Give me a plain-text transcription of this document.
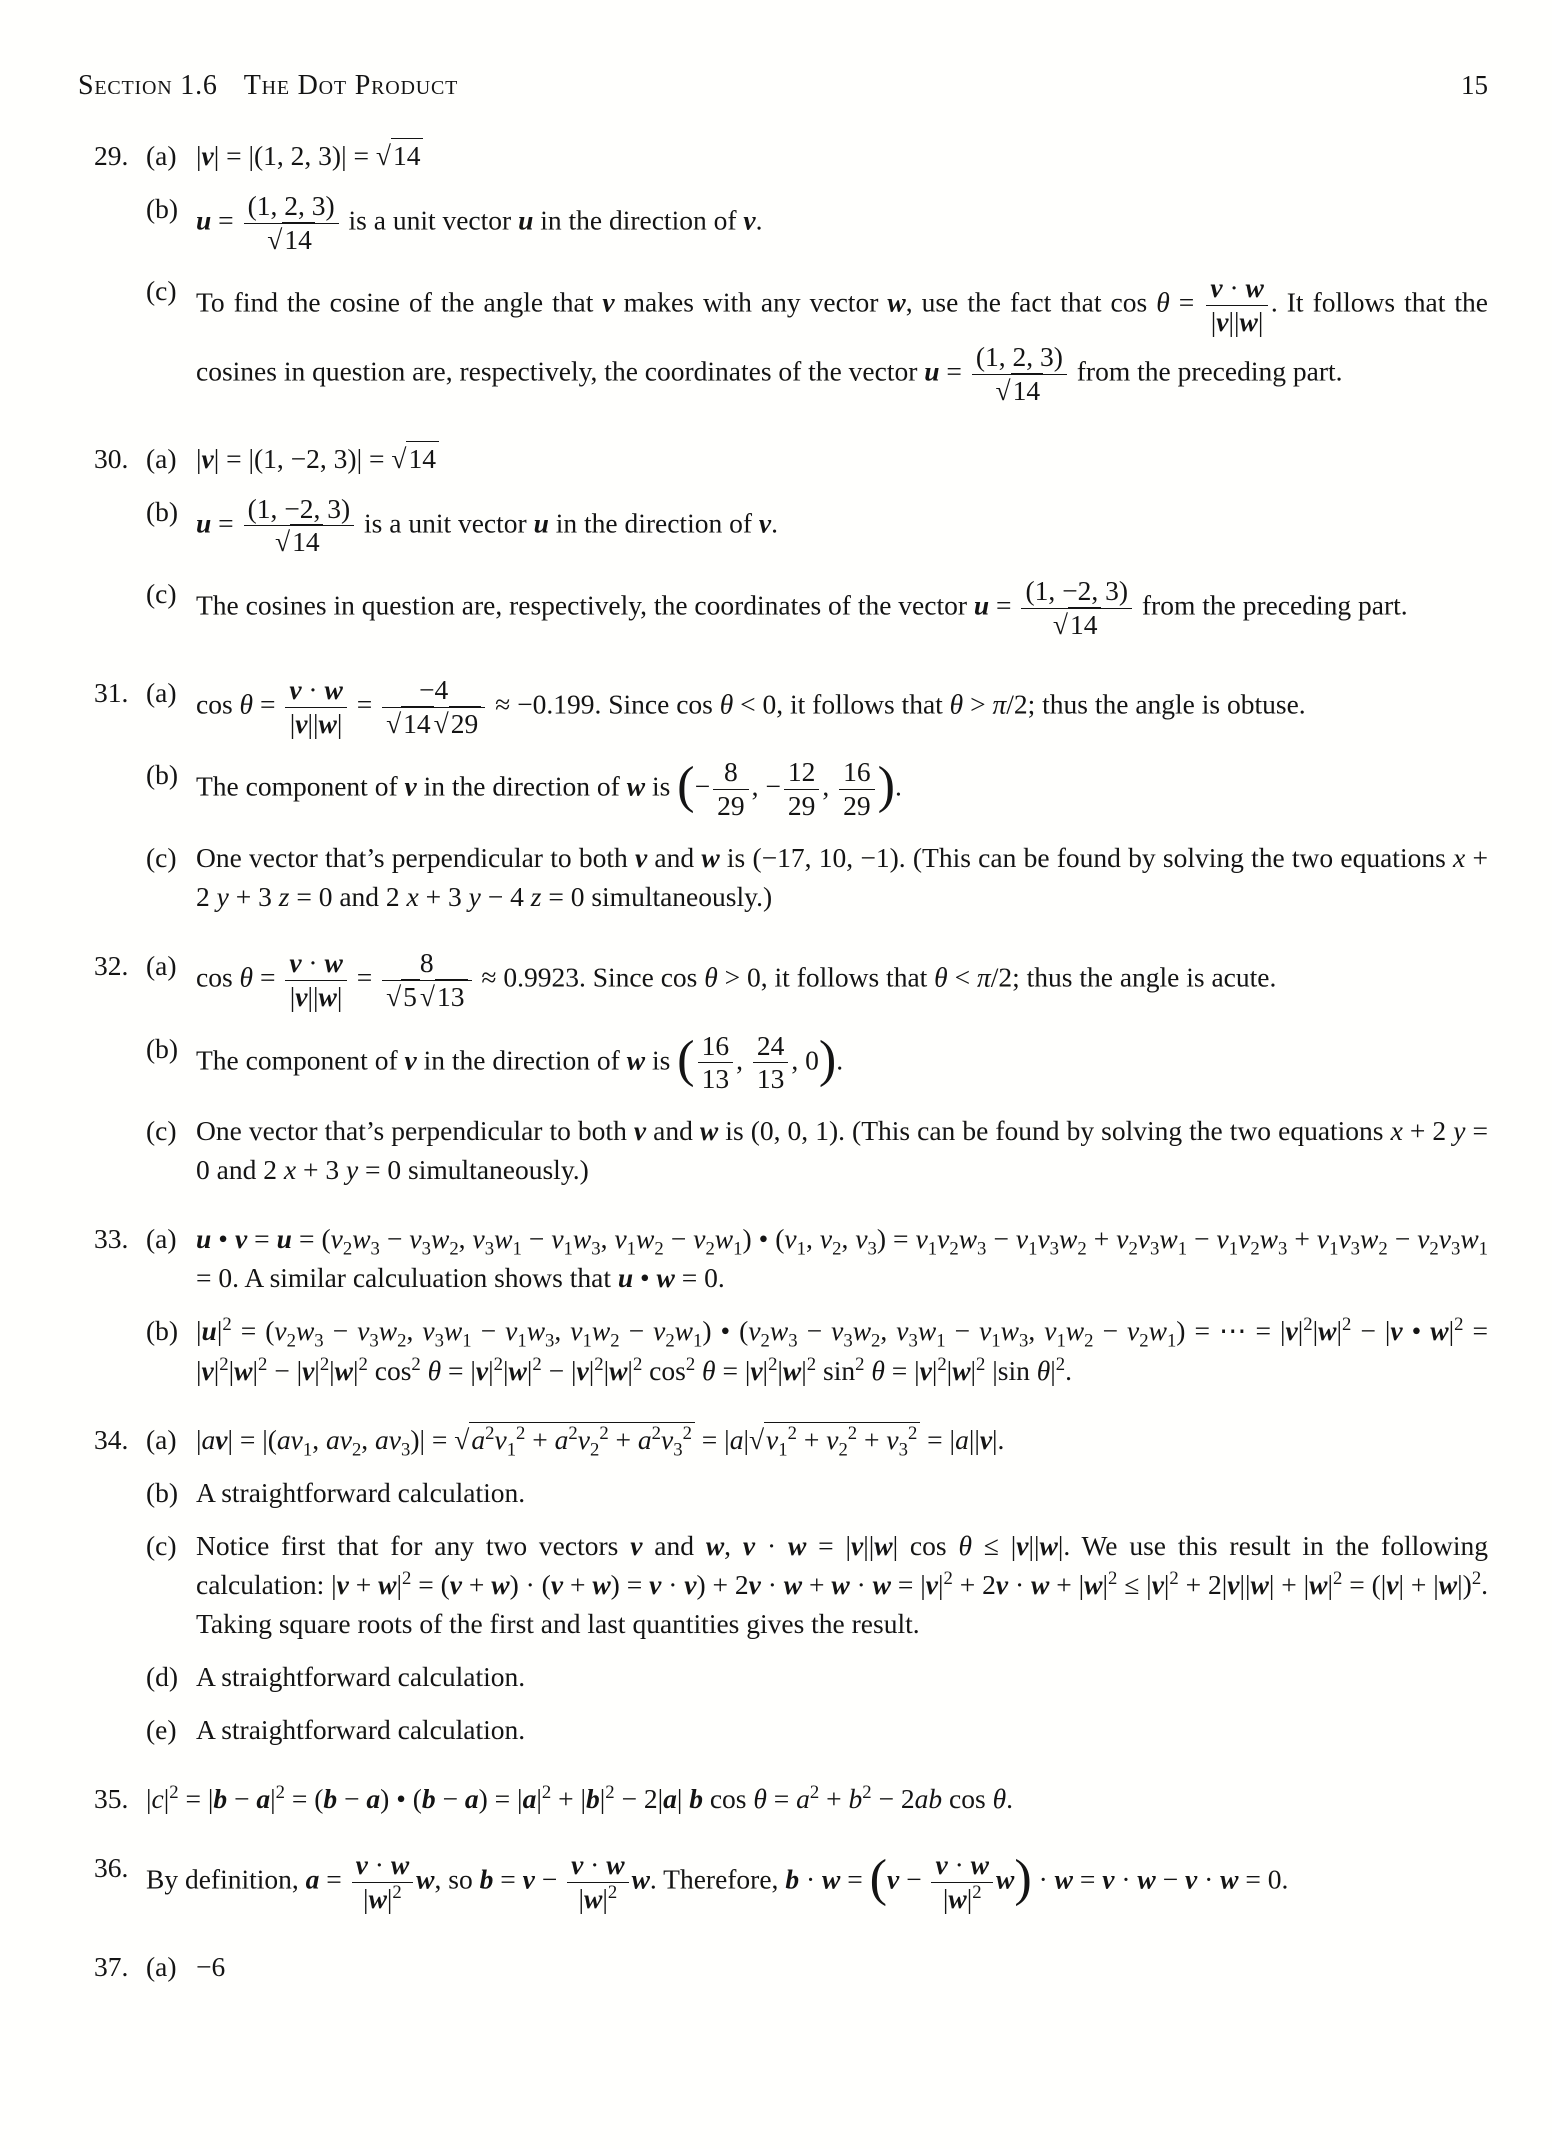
Section 1.6 The Dot Product	15
29. (a) |v| = |(1, 2, 3)| = √14
(b) $u = \frac{(1, 2, 3)}{√14}$ is a unit vector u in the direction of v.
(c) To find the cosine of the angle that v makes with any vector w, use the fact that $\cos \theta = \frac{v \cdot w}{|v||w|}$ . It follows that the cosines in question are, respectively, the coordinates of the vector $u = \frac{(1, 2, 3)}{√14}$ from the preceding part.
30. (a) |v| = |(1, −2, 3)| = √14
(b) $u = \frac{(1, -2, 3)}{√14}$ is a unit vector u in the direction of v.
(c) The cosines in question are, respectively, the coordinates of the vector $u = \frac{(1, -2, 3)}{√14}$ from the preceding part.
31. (a) $\cos \theta = \frac{v \cdot w}{|v||w|} = \frac{-4}{√14 √29} \approx -0.199$. Since cos θ < 0, it follows that θ > π/2; thus the angle is obtuse.
(b) The component of v in the direction of w is (− $\frac{8}{29}$ , − $\frac{12}{29}$ , $\frac{16}{29}$ ).
(c) One vector that’s perpendicular to both v and w is (−17, 10, −1). (This can be found by solving the two equations x + 2 y + 3 z = 0 and 2 x + 3 y − 4 z = 0 simultaneously.)
32. (a) $\cos \theta = \frac{v \cdot w}{|v||w|} = \frac{8}{√5 √13} \approx 0.9923$. Since cos θ > 0, it follows that θ < π/2; thus the angle is acute.
(b) The component of v in the direction of w is ( $\frac{16}{13}$ , $\frac{24}{13}$ , 0).
(c) One vector that’s perpendicular to both v and w is (0, 0, 1). (This can be found by solving the two equations x + 2 y = 0 and 2 x + 3 y = 0 simultaneously.)
33. (a) u • $v = u = (v_2w_3 - v_3w_2$, $v_3w_1 - v_1w_3$, $v_1w_2 - v_2w_1$) • ($v_1$, $v_2$, $v_3) = v_1v_2w_3 - v_1v_3w_2 + v_2v_3w_1 - v_1v_2w_3 + v_1v_3w_2 - v_2v_3w_1 = 0$. A similar calculuation shows that u • w = 0.
(b) $|u|^2 = (v_2w_3 - v_3w_2$, $v_3w_1 - v_1w_3$, $v_1w_2 - v_2w_1$) • ($v_2w_3 - v_3w_2$, $v_3w_1 - v_1w_3$, $v_1w_2 - v_2w_1$) = ⋯ = $|v|^2|w|^2 - |v$ • $w|^2 = |v|^2|w|^2 - |v|^2|w|^2$ $\cos^2 \theta = |v|^2|w|^2 - |v|^2|w|^2$ $\cos^2 \theta = |v|^2|w|^2$ $\sin^2 \theta = |v|^2|w|^2$ |sin $\theta|^2$.
34. (a) $|av| = |(av_1$, $av_2$, $av_3)| = √a^2v_1^2 + a^2v_2^2 + a^2v_3^2 = |a|√v_1^2 + v_2^2 + v_3^2 = |a||v|$.
(b) A straightforward calculation.
(c) Notice first that for any two vectors v and w, v · w = |v||w| cos θ ≤ |v||w|. We use this result in the following calculation: $|v + w|^2 = (v + w) \cdot (v + w) = v \cdot v) + 2v \cdot w + w \cdot w = |v|^2 + 2v \cdot w + |w|^2 \le |v|^2 + 2|v||w| + |w|^2 = (|v| + |w|)^2$. Taking square roots of the first and last quantities gives the result.
(d) A straightforward calculation.
(e) A straightforward calculation.
35. $|c|^2 = |b - a|^2 = (b - a)$ • $(b - a) = |a|^2 + |b|^2 - 2|a|$ b $\cos \theta = a^2 + b^2 - 2ab$ cos θ.
36. By definition, $a = \frac{v \cdot w}{|w|^2} w$, so $b = v - \frac{v \cdot w}{|w|^2} w$. Therefore, $b \cdot w = (v - \frac{v \cdot w}{|w|^2} w) \cdot w = v \cdot w - v \cdot w = 0$.
37. (a) −6
